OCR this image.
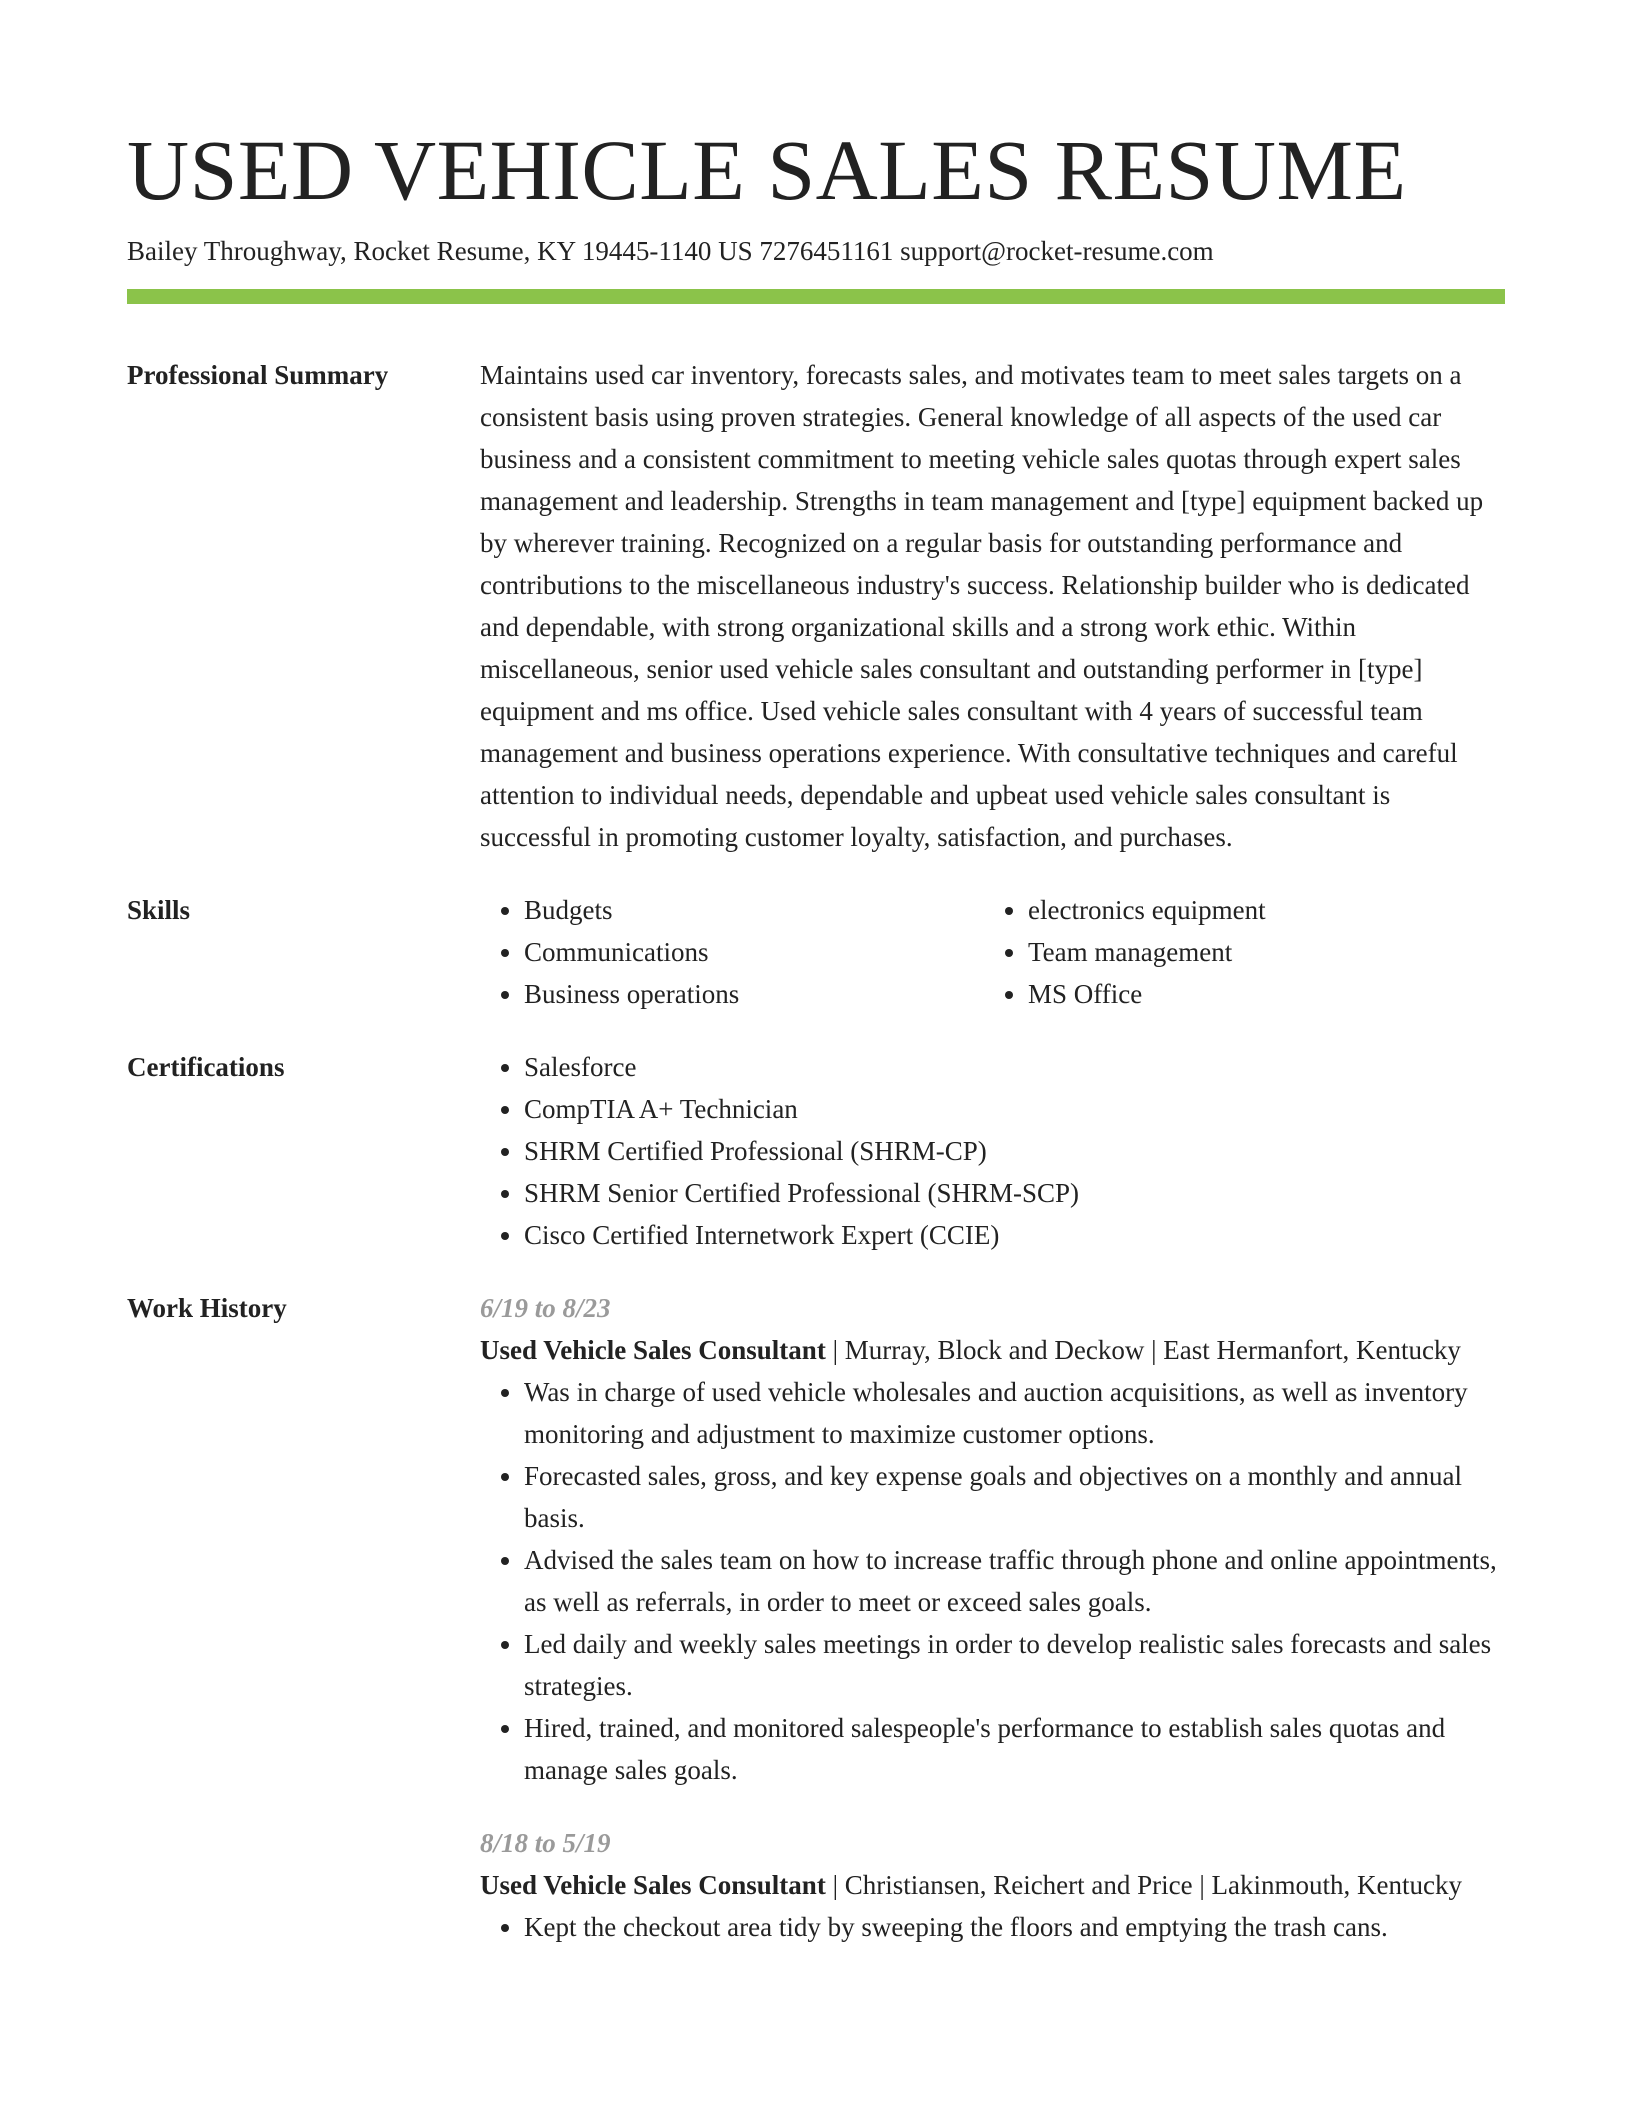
USED VEHICLE SALES RESUME
Bailey Throughway, Rocket Resume, KY 19445-1140 US 7276451161 support@rocket-resume.com
Professional Summary	Maintains used car inventory, forecasts sales, and motivates team to meet sales targets on a consistent basis using proven strategies. General knowledge of all aspects of the used car business and a consistent commitment to meeting vehicle sales quotas through expert sales management and leadership. Strengths in team management and [type] equipment backed up by wherever training. Recognized on a regular basis for outstanding performance and contributions to the miscellaneous industry's success. Relationship builder who is dedicated and dependable, with strong organizational skills and a strong work ethic. Within miscellaneous, senior used vehicle sales consultant and outstanding performer in [type] equipment and ms office. Used vehicle sales consultant with 4 years of successful team management and business operations experience. With consultative techniques and careful attention to individual needs, dependable and upbeat used vehicle sales consultant is successful in promoting customer loyalty, satisfaction, and purchases.
Skills	• Budgets
• Communications
• Business operations
• electronics equipment
• Team management
• MS Office
Certifications	• Salesforce
• CompTIA A+ Technician
• SHRM Certified Professional (SHRM-CP)
• SHRM Senior Certified Professional (SHRM-SCP)
• Cisco Certified Internetwork Expert (CCIE)
Work History	6/19 to 8/23
Used Vehicle Sales Consultant | Murray, Block and Deckow | East Hermanfort, Kentucky
• Was in charge of used vehicle wholesales and auction acquisitions, as well as inventory monitoring and adjustment to maximize customer options.
• Forecasted sales, gross, and key expense goals and objectives on a monthly and annual basis.
• Advised the sales team on how to increase traffic through phone and online appointments, as well as referrals, in order to meet or exceed sales goals.
• Led daily and weekly sales meetings in order to develop realistic sales forecasts and sales strategies.
• Hired, trained, and monitored salespeople's performance to establish sales quotas and manage sales goals.
8/18 to 5/19
Used Vehicle Sales Consultant | Christiansen, Reichert and Price | Lakinmouth, Kentucky
• Kept the checkout area tidy by sweeping the floors and emptying the trash cans.
